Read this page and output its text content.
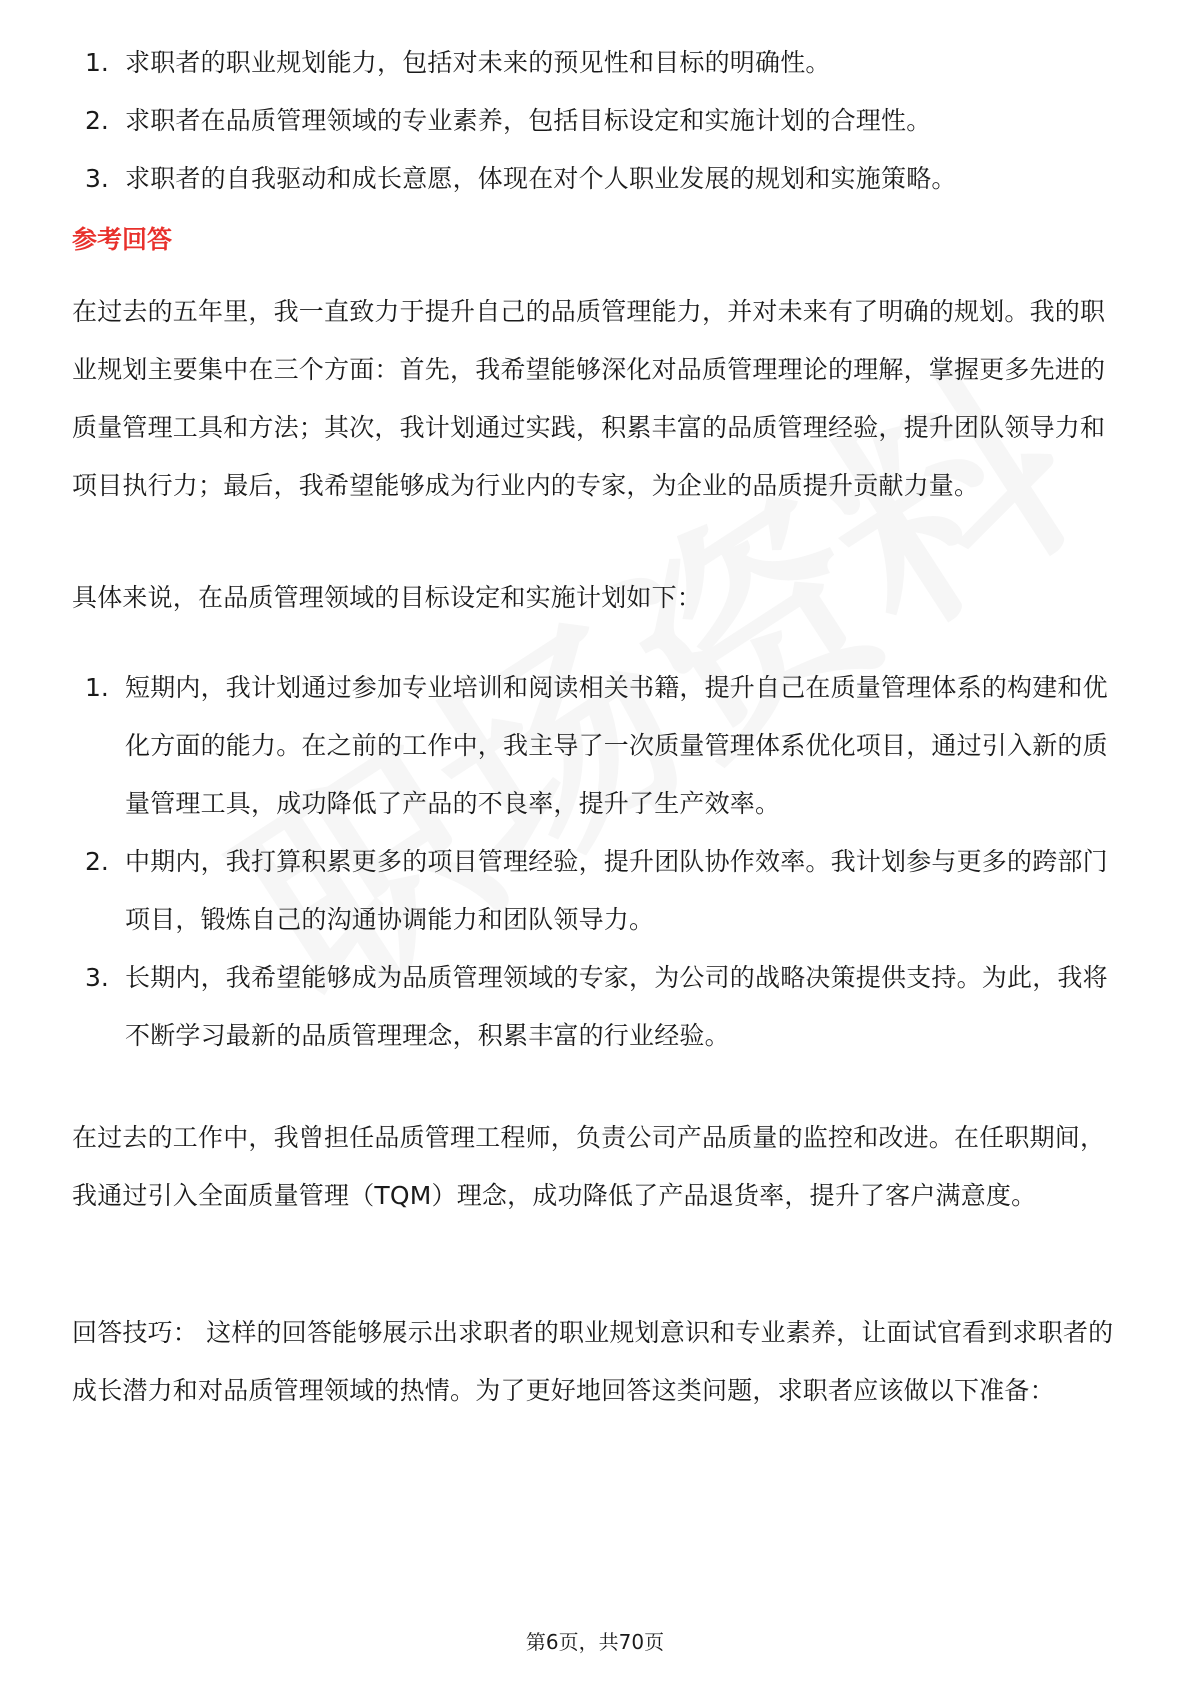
1. 求职者的职业规划能力，包括对未来的预见性和目标的明确性。
2. 求职者在品质管理领域的专业素养，包括目标设定和实施计划的合理性。
3. 求职者的自我驱动和成长意愿，体现在对个人职业发展的规划和实施策略。

参考回答

在过去的五年里，我一直致力于提升自己的品质管理能力，并对未来有了明确的规划。我的职业规划主要集中在三个方面：首先，我希望能够深化对品质管理理论的理解，掌握更多先进的质量管理工具和方法；其次，我计划通过实践，积累丰富的品质管理经验，提升团队领导力和项目执行力；最后，我希望能够成为行业内的专家，为企业的品质提升贡献力量。

具体来说，在品质管理领域的目标设定和实施计划如下：

1. 短期内，我计划通过参加专业培训和阅读相关书籍，提升自己在质量管理体系的构建和优化方面的能力。在之前的工作中，我主导了一次质量管理体系优化项目，通过引入新的质量管理工具，成功降低了产品的不良率，提升了生产效率。
2. 中期内，我打算积累更多的项目管理经验，提升团队协作效率。我计划参与更多的跨部门项目，锻炼自己的沟通协调能力和团队领导力。
3. 长期内，我希望能够成为品质管理领域的专家，为公司的战略决策提供支持。为此，我将不断学习最新的品质管理理念，积累丰富的行业经验。

在过去的工作中，我曾担任品质管理工程师，负责公司产品质量的监控和改进。在任职期间，我通过引入全面质量管理（TQM）理念，成功降低了产品退货率，提升了客户满意度。

回答技巧： 这样的回答能够展示出求职者的职业规划意识和专业素养，让面试官看到求职者的成长潜力和对品质管理领域的热情。为了更好地回答这类问题，求职者应该做以下准备：

第6页，共70页
